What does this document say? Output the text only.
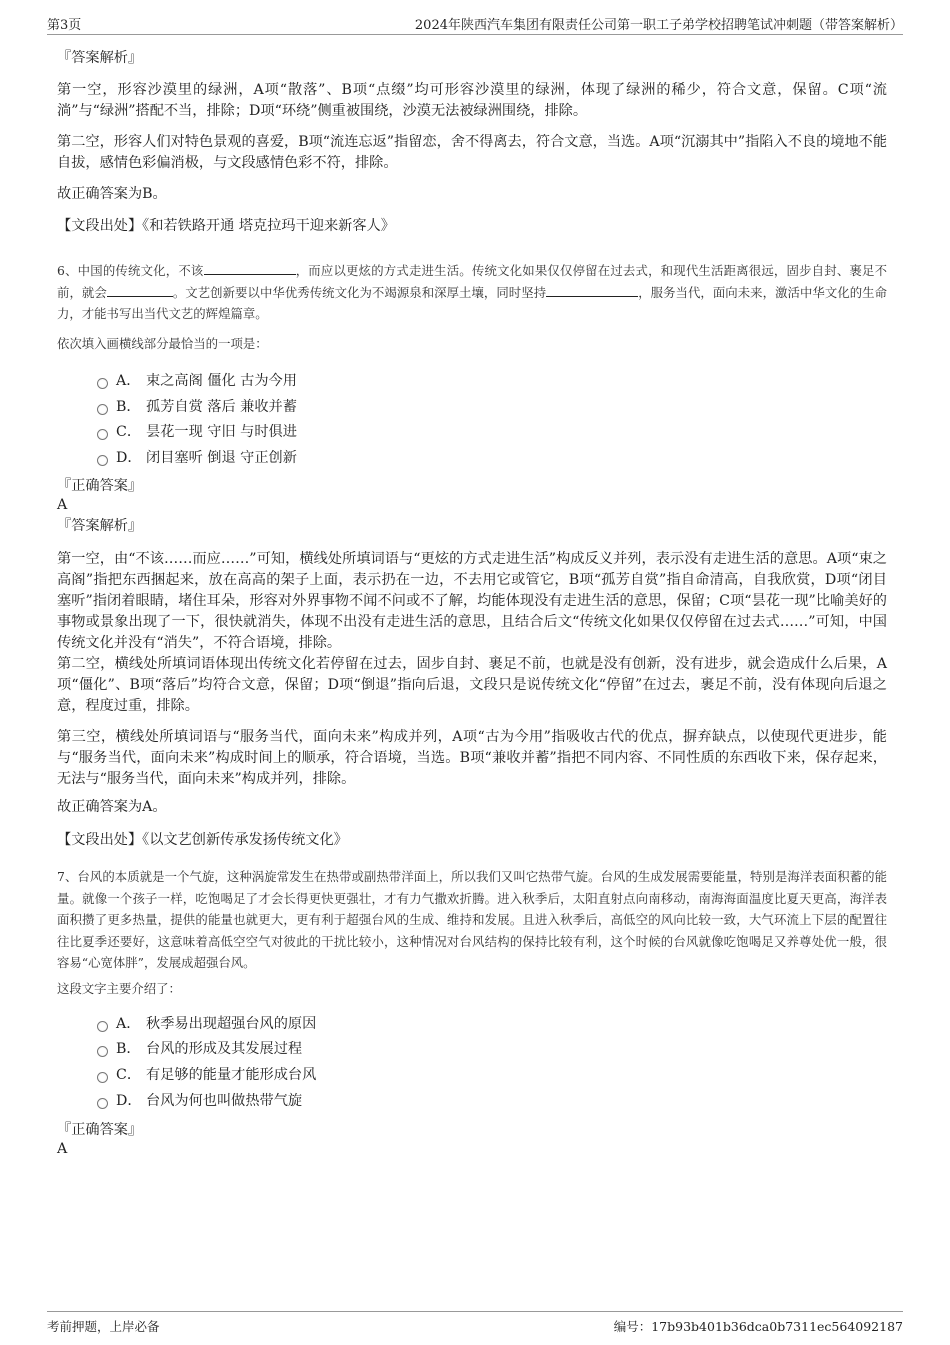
第3页	2024年陕西汽车集团有限责任公司第一职工子弟学校招聘笔试冲刺题（带答案解析）

『答案解析』

第一空，形容沙漠里的绿洲，A项“散落”、B项“点缀”均可形容沙漠里的绿洲，体现了绿洲的稀少，符合文意，保留。C项“流淌”与“绿洲”搭配不当，排除；D项“环绕”侧重被围绕，沙漠无法被绿洲围绕，排除。

第二空，形容人们对特色景观的喜爱，B项“流连忘返”指留恋，舍不得离去，符合文意，当选。A项“沉溺其中”指陷入不良的境地不能自拔，感情色彩偏消极，与文段感情色彩不符，排除。

故正确答案为B。

【文段出处】《和若铁路开通 塔克拉玛干迎来新客人》

6、中国的传统文化，不该	，而应以更炫的方式走进生活。传统文化如果仅仅停留在过去式，和现代生活距离很远，固步自封、裹足不前，就会	。文艺创新要以中华优秀传统文化为不竭源泉和深厚土壤，同时坚持	，服务当代，面向未来，激活中华文化的生命力，才能书写出当代文艺的辉煌篇章。

依次填入画横线部分最恰当的一项是：

A． 束之高阁 僵化 古为今用
B． 孤芳自赏 落后 兼收并蓄
C． 昙花一现 守旧 与时俱进
D． 闭目塞听 倒退 守正创新

『正确答案』

A

『答案解析』

第一空，由“不该……而应……”可知，横线处所填词语与“更炫的方式走进生活”构成反义并列，表示没有走进生活的意思。A项“束之高阁”指把东西捆起来，放在高高的架子上面，表示扔在一边，不去用它或管它，B项“孤芳自赏”指自命清高，自我欣赏，D项“闭目塞听”指闭着眼睛，堵住耳朵，形容对外界事物不闻不问或不了解，均能体现没有走进生活的意思，保留；C项“昙花一现”比喻美好的事物或景象出现了一下，很快就消失，体现不出没有走进生活的意思，且结合后文“传统文化如果仅仅停留在过去式……”可知，中国传统文化并没有“消失”，不符合语境，排除。

第二空，横线处所填词语体现出传统文化若停留在过去，固步自封、裹足不前，也就是没有创新，没有进步，就会造成什么后果，A项“僵化”、B项“落后”均符合文意，保留；D项“倒退”指向后退，文段只是说传统文化“停留”在过去，裹足不前，没有体现向后退之意，程度过重，排除。

第三空，横线处所填词语与“服务当代，面向未来”构成并列，A项“古为今用”指吸收古代的优点，摒弃缺点，以使现代更进步，能与“服务当代，面向未来”构成时间上的顺承，符合语境，当选。B项“兼收并蓄”指把不同内容、不同性质的东西收下来，保存起来，无法与“服务当代，面向未来”构成并列，排除。

故正确答案为A。

【文段出处】《以文艺创新传承发扬传统文化》

7、台风的本质就是一个气旋，这种涡旋常发生在热带或副热带洋面上，所以我们又叫它热带气旋。台风的生成发展需要能量，特别是海洋表面积蓄的能量。就像一个孩子一样，吃饱喝足了才会长得更快更强壮，才有力气撒欢折腾。进入秋季后，太阳直射点向南移动，南海海面温度比夏天更高，海洋表面积攒了更多热量，提供的能量也就更大，更有利于超强台风的生成、维持和发展。且进入秋季后，高低空的风向比较一致，大气环流上下层的配置往往比夏季还要好，这意味着高低空空气对彼此的干扰比较小，这种情况对台风结构的保持比较有利，这个时候的台风就像吃饱喝足又养尊处优一般，很容易“心宽体胖”，发展成超强台风。

这段文字主要介绍了：

A． 秋季易出现超强台风的原因
B． 台风的形成及其发展过程
C． 有足够的能量才能形成台风
D． 台风为何也叫做热带气旋

『正确答案』

A

考前押题，上岸必备	编号：17b93b401b36dca0b7311ec564092187
